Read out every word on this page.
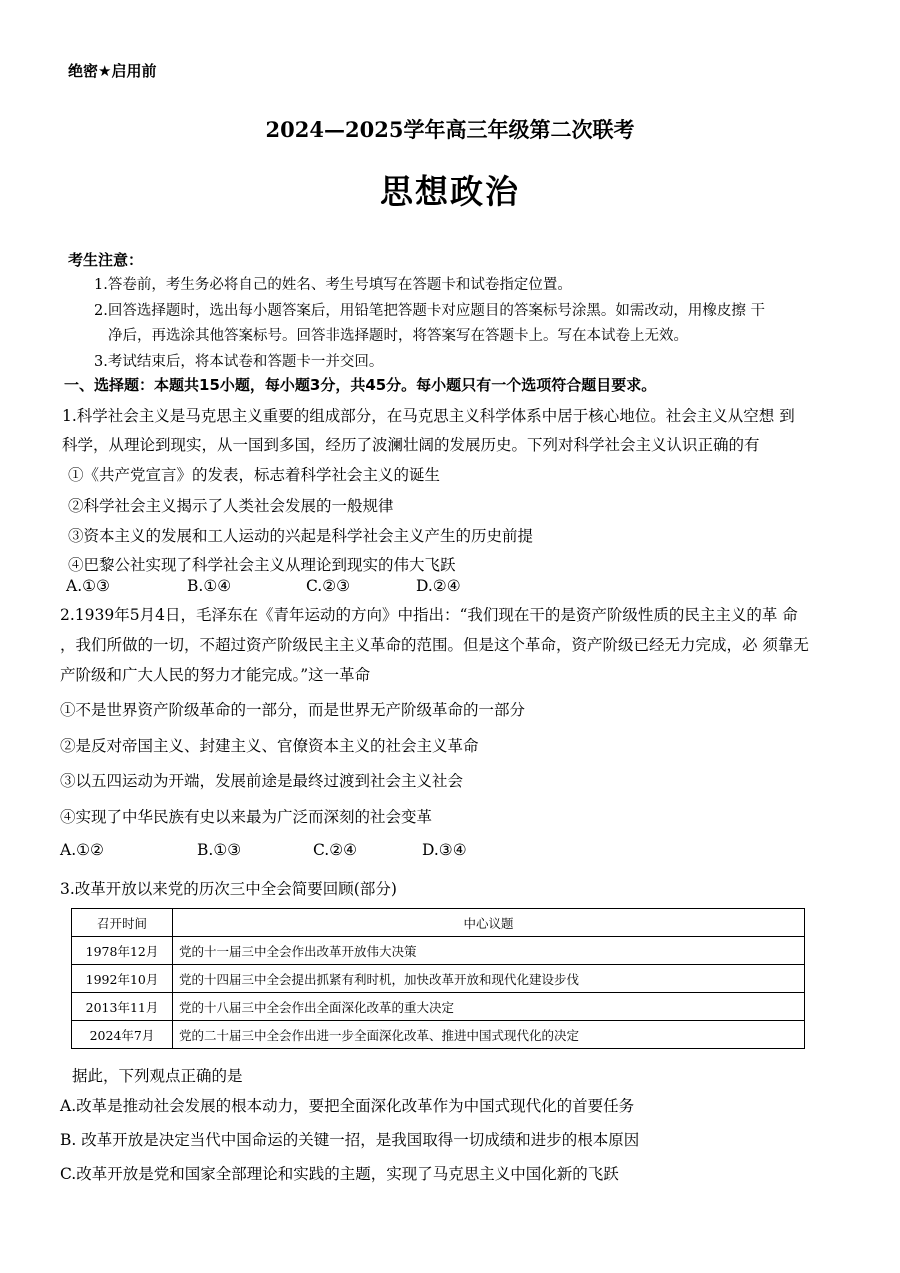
绝密★启用前
2024—2025学年高三年级第二次联考
思想政治
考生注意：
1.答卷前，考生务必将自己的姓名、考生号填写在答题卡和试卷指定位置。
2.回答选择题时，选出每小题答案后，用铅笔把答题卡对应题目的答案标号涂黑。如需改动，用橡皮擦 干
净后，再选涂其他答案标号。回答非选择题时，将答案写在答题卡上。写在本试卷上无效。
3.考试结束后，将本试卷和答题卡一并交回。
一、选择题：本题共15小题，每小题3分，共45分。每小题只有一个选项符合题目要求。
1.科学社会主义是马克思主义重要的组成部分，在马克思主义科学体系中居于核心地位。社会主义从空想 到
科学，从理论到现实，从一国到多国，经历了波澜壮阔的发展历史。下列对科学社会主义认识正确的有
①《共产党宣言》的发表，标志着科学社会主义的诞生
②科学社会主义揭示了人类社会发展的一般规律
③资本主义的发展和工人运动的兴起是科学社会主义产生的历史前提
④巴黎公社实现了科学社会主义从理论到现实的伟大飞跃
A.①③	B.①④	C.②③	D.②④
2.1939年5月4日，毛泽东在《青年运动的方向》中指出：“我们现在干的是资产阶级性质的民主主义的革 命
，我们所做的一切，不超过资产阶级民主主义革命的范围。但是这个革命，资产阶级已经无力完成，必 须靠无
产阶级和广大人民的努力才能完成。”这一革命
①不是世界资产阶级革命的一部分，而是世界无产阶级革命的一部分
②是反对帝国主义、封建主义、官僚资本主义的社会主义革命
③以五四运动为开端，发展前途是最终过渡到社会主义社会
④实现了中华民族有史以来最为广泛而深刻的社会变革
A.①②	B.①③	C.②④	D.③④
3.改革开放以来党的历次三中全会简要回顾(部分)
召开时间	中心议题
1978年12月	党的十一届三中全会作出改革开放伟大决策
1992年10月	党的十四届三中全会提出抓紧有利时机，加快改革开放和现代化建设步伐
2013年11月	党的十八届三中全会作出全面深化改革的重大决定
2024年7月	党的二十届三中全会作出进一步全面深化改革、推进中国式现代化的决定
据此，下列观点正确的是
A.改革是推动社会发展的根本动力，要把全面深化改革作为中国式现代化的首要任务
B. 改革开放是决定当代中国命运的关键一招，是我国取得一切成绩和进步的根本原因
C.改革开放是党和国家全部理论和实践的主题，实现了马克思主义中国化新的飞跃
